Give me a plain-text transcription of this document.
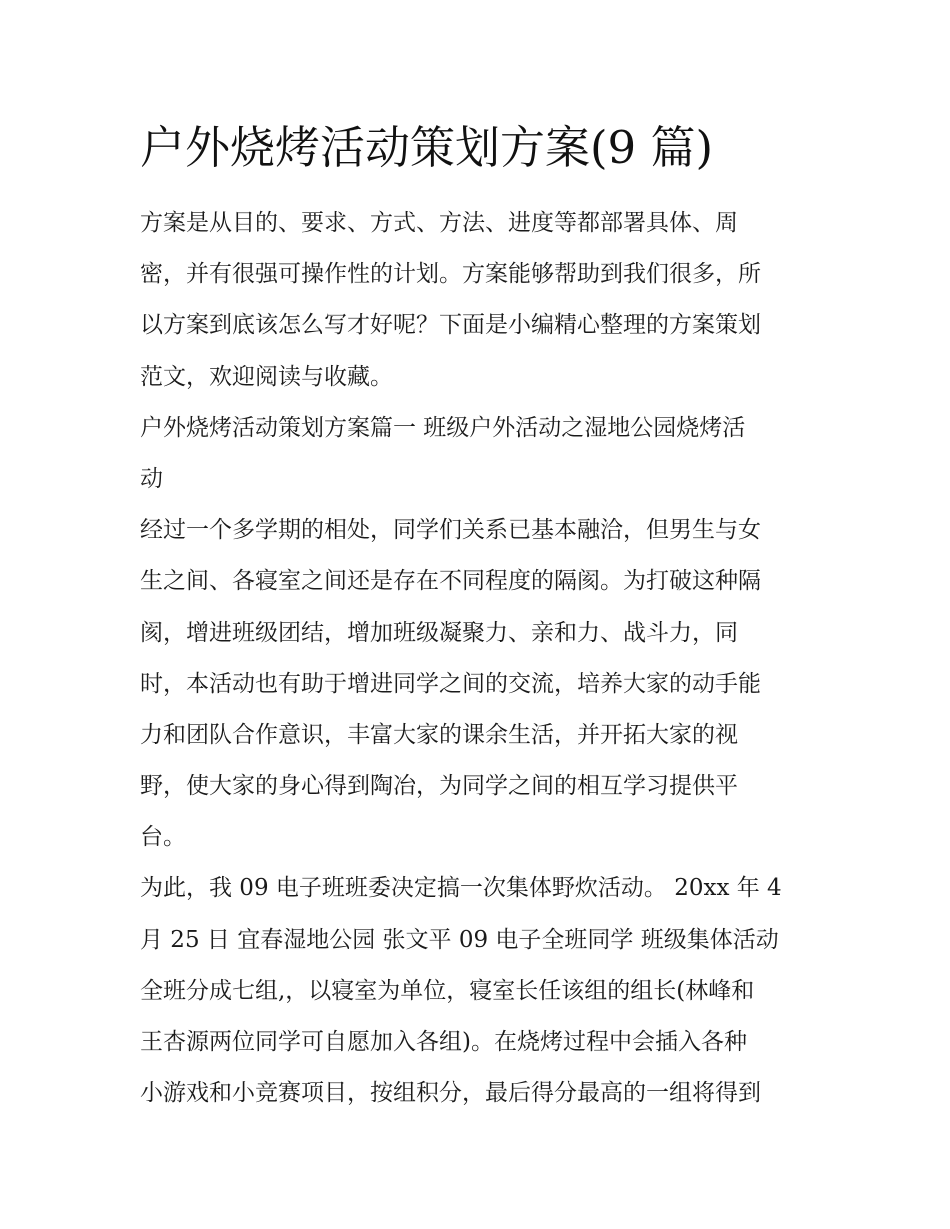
户外烧烤活动策划方案(9 篇)
方案是从目的、要求、方式、方法、进度等都部署具体、周
密，并有很强可操作性的计划。方案能够帮助到我们很多，所
以方案到底该怎么写才好呢？下面是小编精心整理的方案策划
范文，欢迎阅读与收藏。
户外烧烤活动策划方案篇一 班级户外活动之湿地公园烧烤活
动
经过一个多学期的相处，同学们关系已基本融洽，但男生与女
生之间、各寝室之间还是存在不同程度的隔阂。为打破这种隔
阂，增进班级团结，增加班级凝聚力、亲和力、战斗力，同
时，本活动也有助于增进同学之间的交流，培养大家的动手能
力和团队合作意识，丰富大家的课余生活，并开拓大家的视
野，使大家的身心得到陶冶，为同学之间的相互学习提供平
台。
为此，我 09 电子班班委决定搞一次集体野炊活动。 20xx 年 4
月 25 日 宜春湿地公园 张文平 09 电子全班同学 班级集体活动
全班分成七组,，以寝室为单位，寝室长任该组的组长(林峰和
王杏源两位同学可自愿加入各组)。在烧烤过程中会插入各种
小游戏和小竞赛项目，按组积分，最后得分最高的一组将得到
